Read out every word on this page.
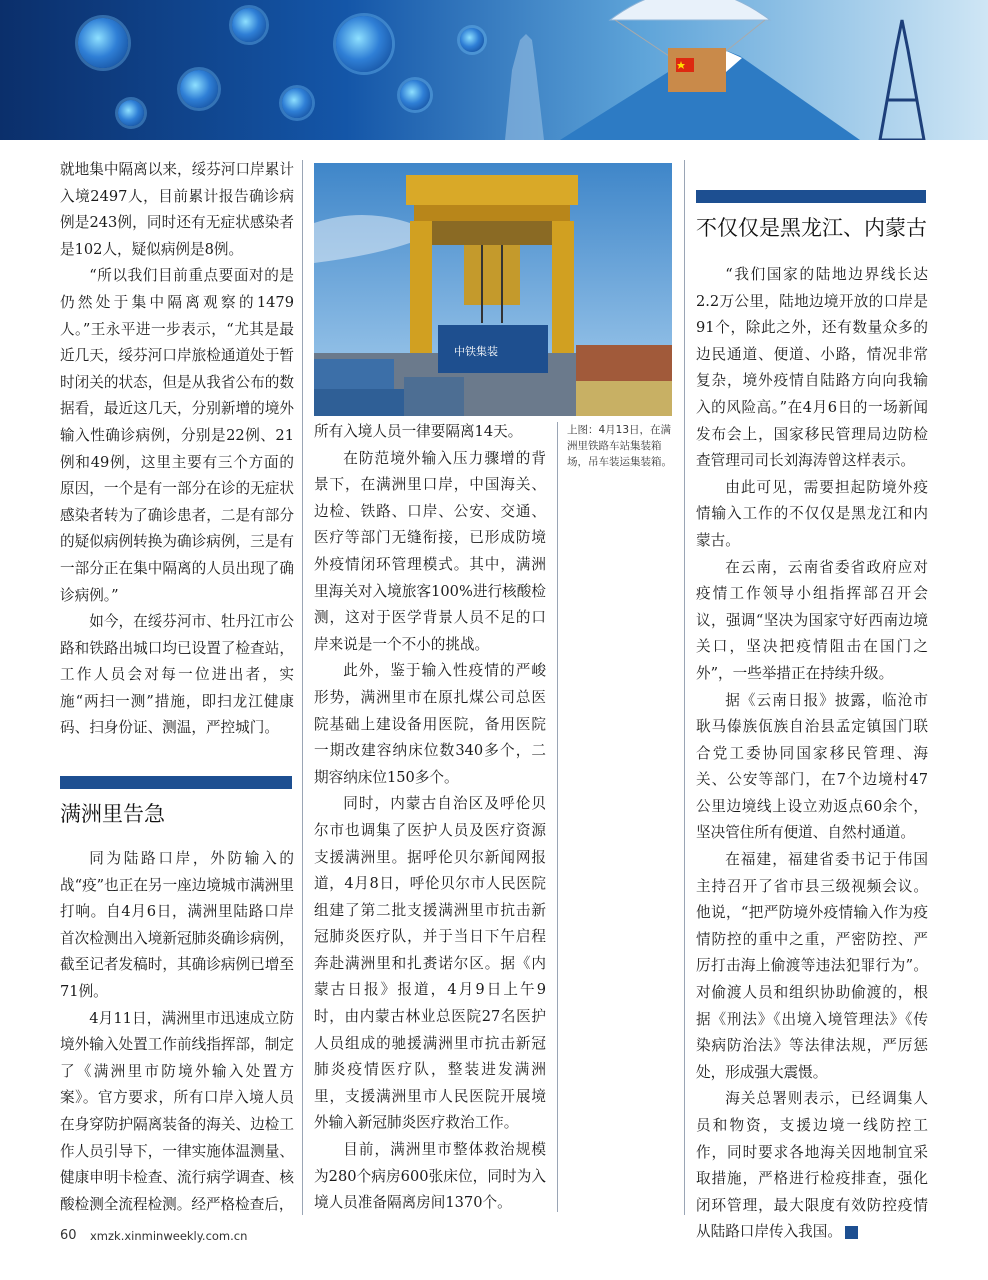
就地集中隔离以来，绥芬河口岸累计入境2497人，目前累计报告确诊病例是243例，同时还有无症状感染者是102人，疑似病例是8例。

“所以我们目前重点要面对的是仍然处于集中隔离观察的1479人。”王永平进一步表示，“尤其是最近几天，绥芬河口岸旅检通道处于暂时闭关的状态，但是从我省公布的数据看，最近这几天，分别新增的境外输入性确诊病例，分别是22例、21例和49例，这里主要有三个方面的原因，一个是有一部分在诊的无症状感染者转为了确诊患者，二是有部分的疑似病例转换为确诊病例，三是有一部分正在集中隔离的人员出现了确诊病例。”

如今，在绥芬河市、牡丹江市公路和铁路出城口均已设置了检查站，工作人员会对每一位进出者，实施“两扫一测”措施，即扫龙江健康码、扫身份证、测温，严控城门。

满洲里告急

同为陆路口岸，外防输入的战“疫”也正在另一座边境城市满洲里打响。自4月6日，满洲里陆路口岸首次检测出入境新冠肺炎确诊病例，截至记者发稿时，其确诊病例已增至71例。

4月11日，满洲里市迅速成立防境外输入处置工作前线指挥部，制定了《满洲里市防境外输入处置方案》。官方要求，所有口岸入境人员在身穿防护隔离装备的海关、边检工作人员引导下，一律实施体温测量、健康申明卡检查、流行病学调查、核酸检测全流程检测。经严格检查后，

中铁集装

所有入境人员一律要隔离14天。

在防范境外输入压力骤增的背景下，在满洲里口岸，中国海关、边检、铁路、口岸、公安、交通、医疗等部门无缝衔接，已形成防境外疫情闭环管理模式。其中，满洲里海关对入境旅客100%进行核酸检测，这对于医学背景人员不足的口岸来说是一个不小的挑战。

此外，鉴于输入性疫情的严峻形势，满洲里市在原扎煤公司总医院基础上建设备用医院，备用医院一期改建容纳床位数340多个，二期容纳床位150多个。

同时，内蒙古自治区及呼伦贝尔市也调集了医护人员及医疗资源支援满洲里。据呼伦贝尔新闻网报道，4月8日，呼伦贝尔市人民医院组建了第二批支援满洲里市抗击新冠肺炎医疗队，并于当日下午启程奔赴满洲里和扎赉诺尔区。据《内蒙古日报》报道，4月9日上午9时，由内蒙古林业总医院27名医护人员组成的驰援满洲里市抗击新冠肺炎疫情医疗队，整装进发满洲里，支援满洲里市人民医院开展境外输入新冠肺炎医疗救治工作。

目前，满洲里市整体救治规模为280个病房600张床位，同时为入境人员准备隔离房间1370个。

上图：4月13日，在满洲里铁路车站集装箱场，吊车装运集装箱。
不仅仅是黑龙江、内蒙古

“我们国家的陆地边界线长达2.2万公里，陆地边境开放的口岸是91个，除此之外，还有数量众多的边民通道、便道、小路，情况非常复杂，境外疫情自陆路方向向我输入的风险高。”在4月6日的一场新闻发布会上，国家移民管理局边防检查管理司司长刘海涛曾这样表示。

由此可见，需要担起防境外疫情输入工作的不仅仅是黑龙江和内蒙古。

在云南，云南省委省政府应对疫情工作领导小组指挥部召开会议，强调“坚决为国家守好西南边境关口，坚决把疫情阻击在国门之外”，一些举措正在持续升级。

据《云南日报》披露，临沧市耿马傣族佤族自治县孟定镇国门联合党工委协同国家移民管理、海关、公安等部门，在7个边境村47公里边境线上设立劝返点60余个，坚决管住所有便道、自然村通道。

在福建，福建省委书记于伟国主持召开了省市县三级视频会议。他说，“把严防境外疫情输入作为疫情防控的重中之重，严密防控、严厉打击海上偷渡等违法犯罪行为”。对偷渡人员和组织协助偷渡的，根据《刑法》《出境入境管理法》《传染病防治法》等法律法规，严厉惩处，形成强大震慑。

海关总署则表示，已经调集人员和物资，支援边境一线防控工作，同时要求各地海关因地制宜采取措施，严格进行检疫排查，强化闭环管理，最大限度有效防控疫情从陆路口岸传入我国。	民

60 xmzk.xinminweekly.com.cn
